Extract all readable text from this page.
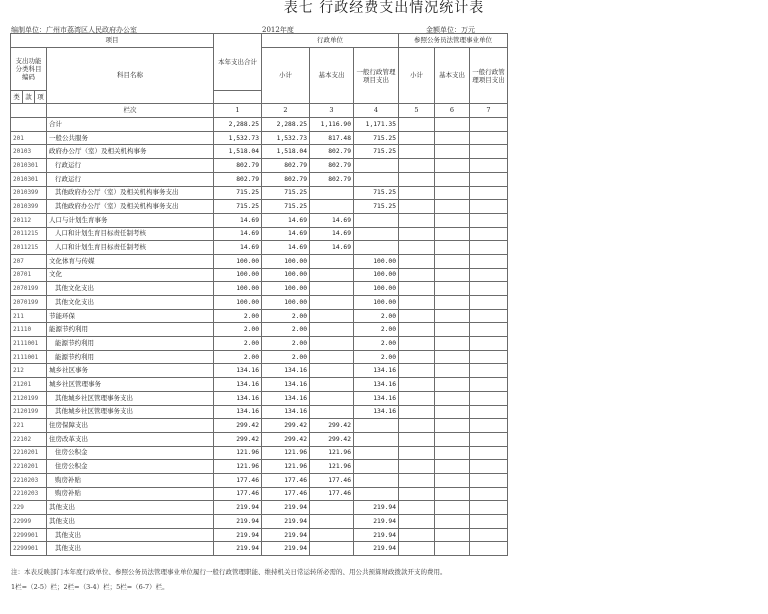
表七 行政经费支出情况统计表
编制单位：广州市荔湾区人民政府办公室	2012年度	金额单位：万元
项目				本年支出合计	行政单位			参照公务员法管理事业单位		
支出功能分类科目编码			科目名称		小计	基本支出	一般行政管理项目支出	小计	基本支出	一般行政管理项目支出
类	款	项								
			栏次	1	2	3	4	5	6	7
			合计	2,288.25	2,288.25	1,116.90	1,171.35			
201			一般公共服务	1,532.73	1,532.73	817.48	715.25			
20103			政府办公厅（室）及相关机构事务	1,518.04	1,518.04	802.79	715.25			
2010301			行政运行	802.79	802.79	802.79				
2010301			行政运行	802.79	802.79	802.79				
2010399			其他政府办公厅（室）及相关机构事务支出	715.25	715.25		715.25			
2010399			其他政府办公厅（室）及相关机构事务支出	715.25	715.25		715.25			
20112			人口与计划生育事务	14.69	14.69	14.69				
2011215			人口和计划生育目标责任制考核	14.69	14.69	14.69				
2011215			人口和计划生育目标责任制考核	14.69	14.69	14.69				
207			文化体育与传媒	100.00	100.00		100.00			
20701			文化	100.00	100.00		100.00			
2070199			其他文化支出	100.00	100.00		100.00			
2070199			其他文化支出	100.00	100.00		100.00			
211			节能环保	2.00	2.00		2.00			
21110			能源节约利用	2.00	2.00		2.00			
2111001			能源节约利用	2.00	2.00		2.00			
2111001			能源节约利用	2.00	2.00		2.00			
212			城乡社区事务	134.16	134.16		134.16			
21201			城乡社区管理事务	134.16	134.16		134.16			
2120199			其他城乡社区管理事务支出	134.16	134.16		134.16			
2120199			其他城乡社区管理事务支出	134.16	134.16		134.16			
221			住房保障支出	299.42	299.42	299.42				
22102			住房改革支出	299.42	299.42	299.42				
2210201			住房公积金	121.96	121.96	121.96				
2210201			住房公积金	121.96	121.96	121.96				
2210203			购房补贴	177.46	177.46	177.46				
2210203			购房补贴	177.46	177.46	177.46				
229			其他支出	219.94	219.94		219.94			
22999			其他支出	219.94	219.94		219.94			
2299901			其他支出	219.94	219.94		219.94			
2299901			其他支出	219.94	219.94		219.94			
注：本表反映部门本年度行政单位、参照公务员法管理事业单位履行一般行政管理职能、维持机关日常运转所必需的、用公共预算财政拨款开支的费用。
1栏=（2-5）栏；2栏=（3-4）栏；5栏=（6-7）栏。
